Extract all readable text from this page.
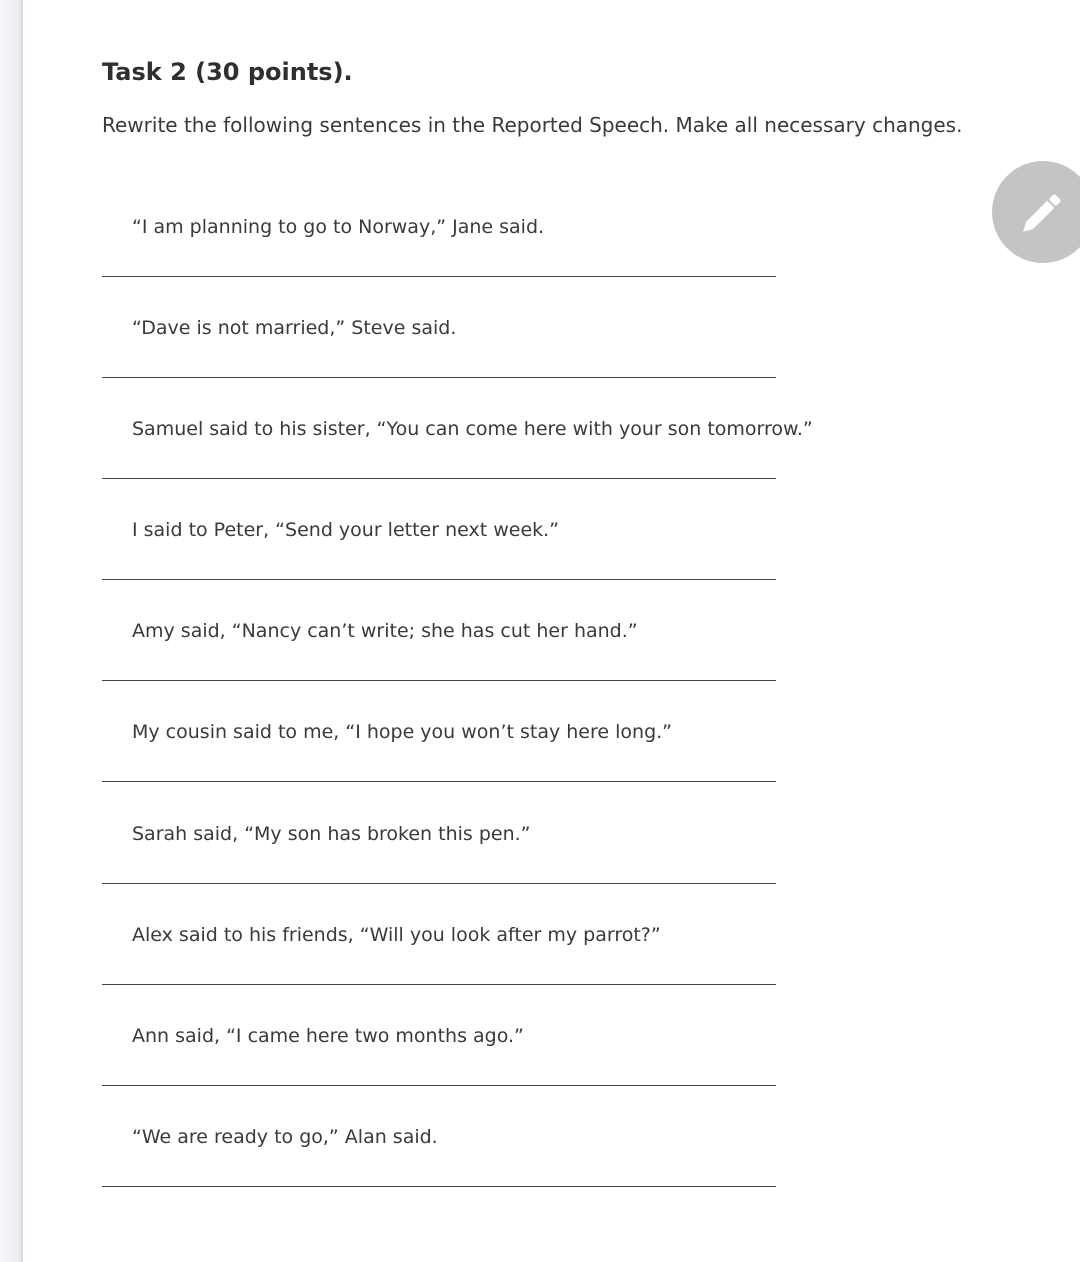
Task 2 (30 points).
Rewrite the following sentences in the Reported Speech. Make all necessary changes.
“I am planning to go to Norway,” Jane said.
“Dave is not married,” Steve said.
Samuel said to his sister, “You can come here with your son tomorrow.”
I said to Peter, “Send your letter next week.”
Amy said, “Nancy can’t write; she has cut her hand.”
My cousin said to me, “I hope you won’t stay here long.”
Sarah said, “My son has broken this pen.”
Alex said to his friends, “Will you look after my parrot?”
Ann said, “I came here two months ago.”
“We are ready to go,” Alan said.
